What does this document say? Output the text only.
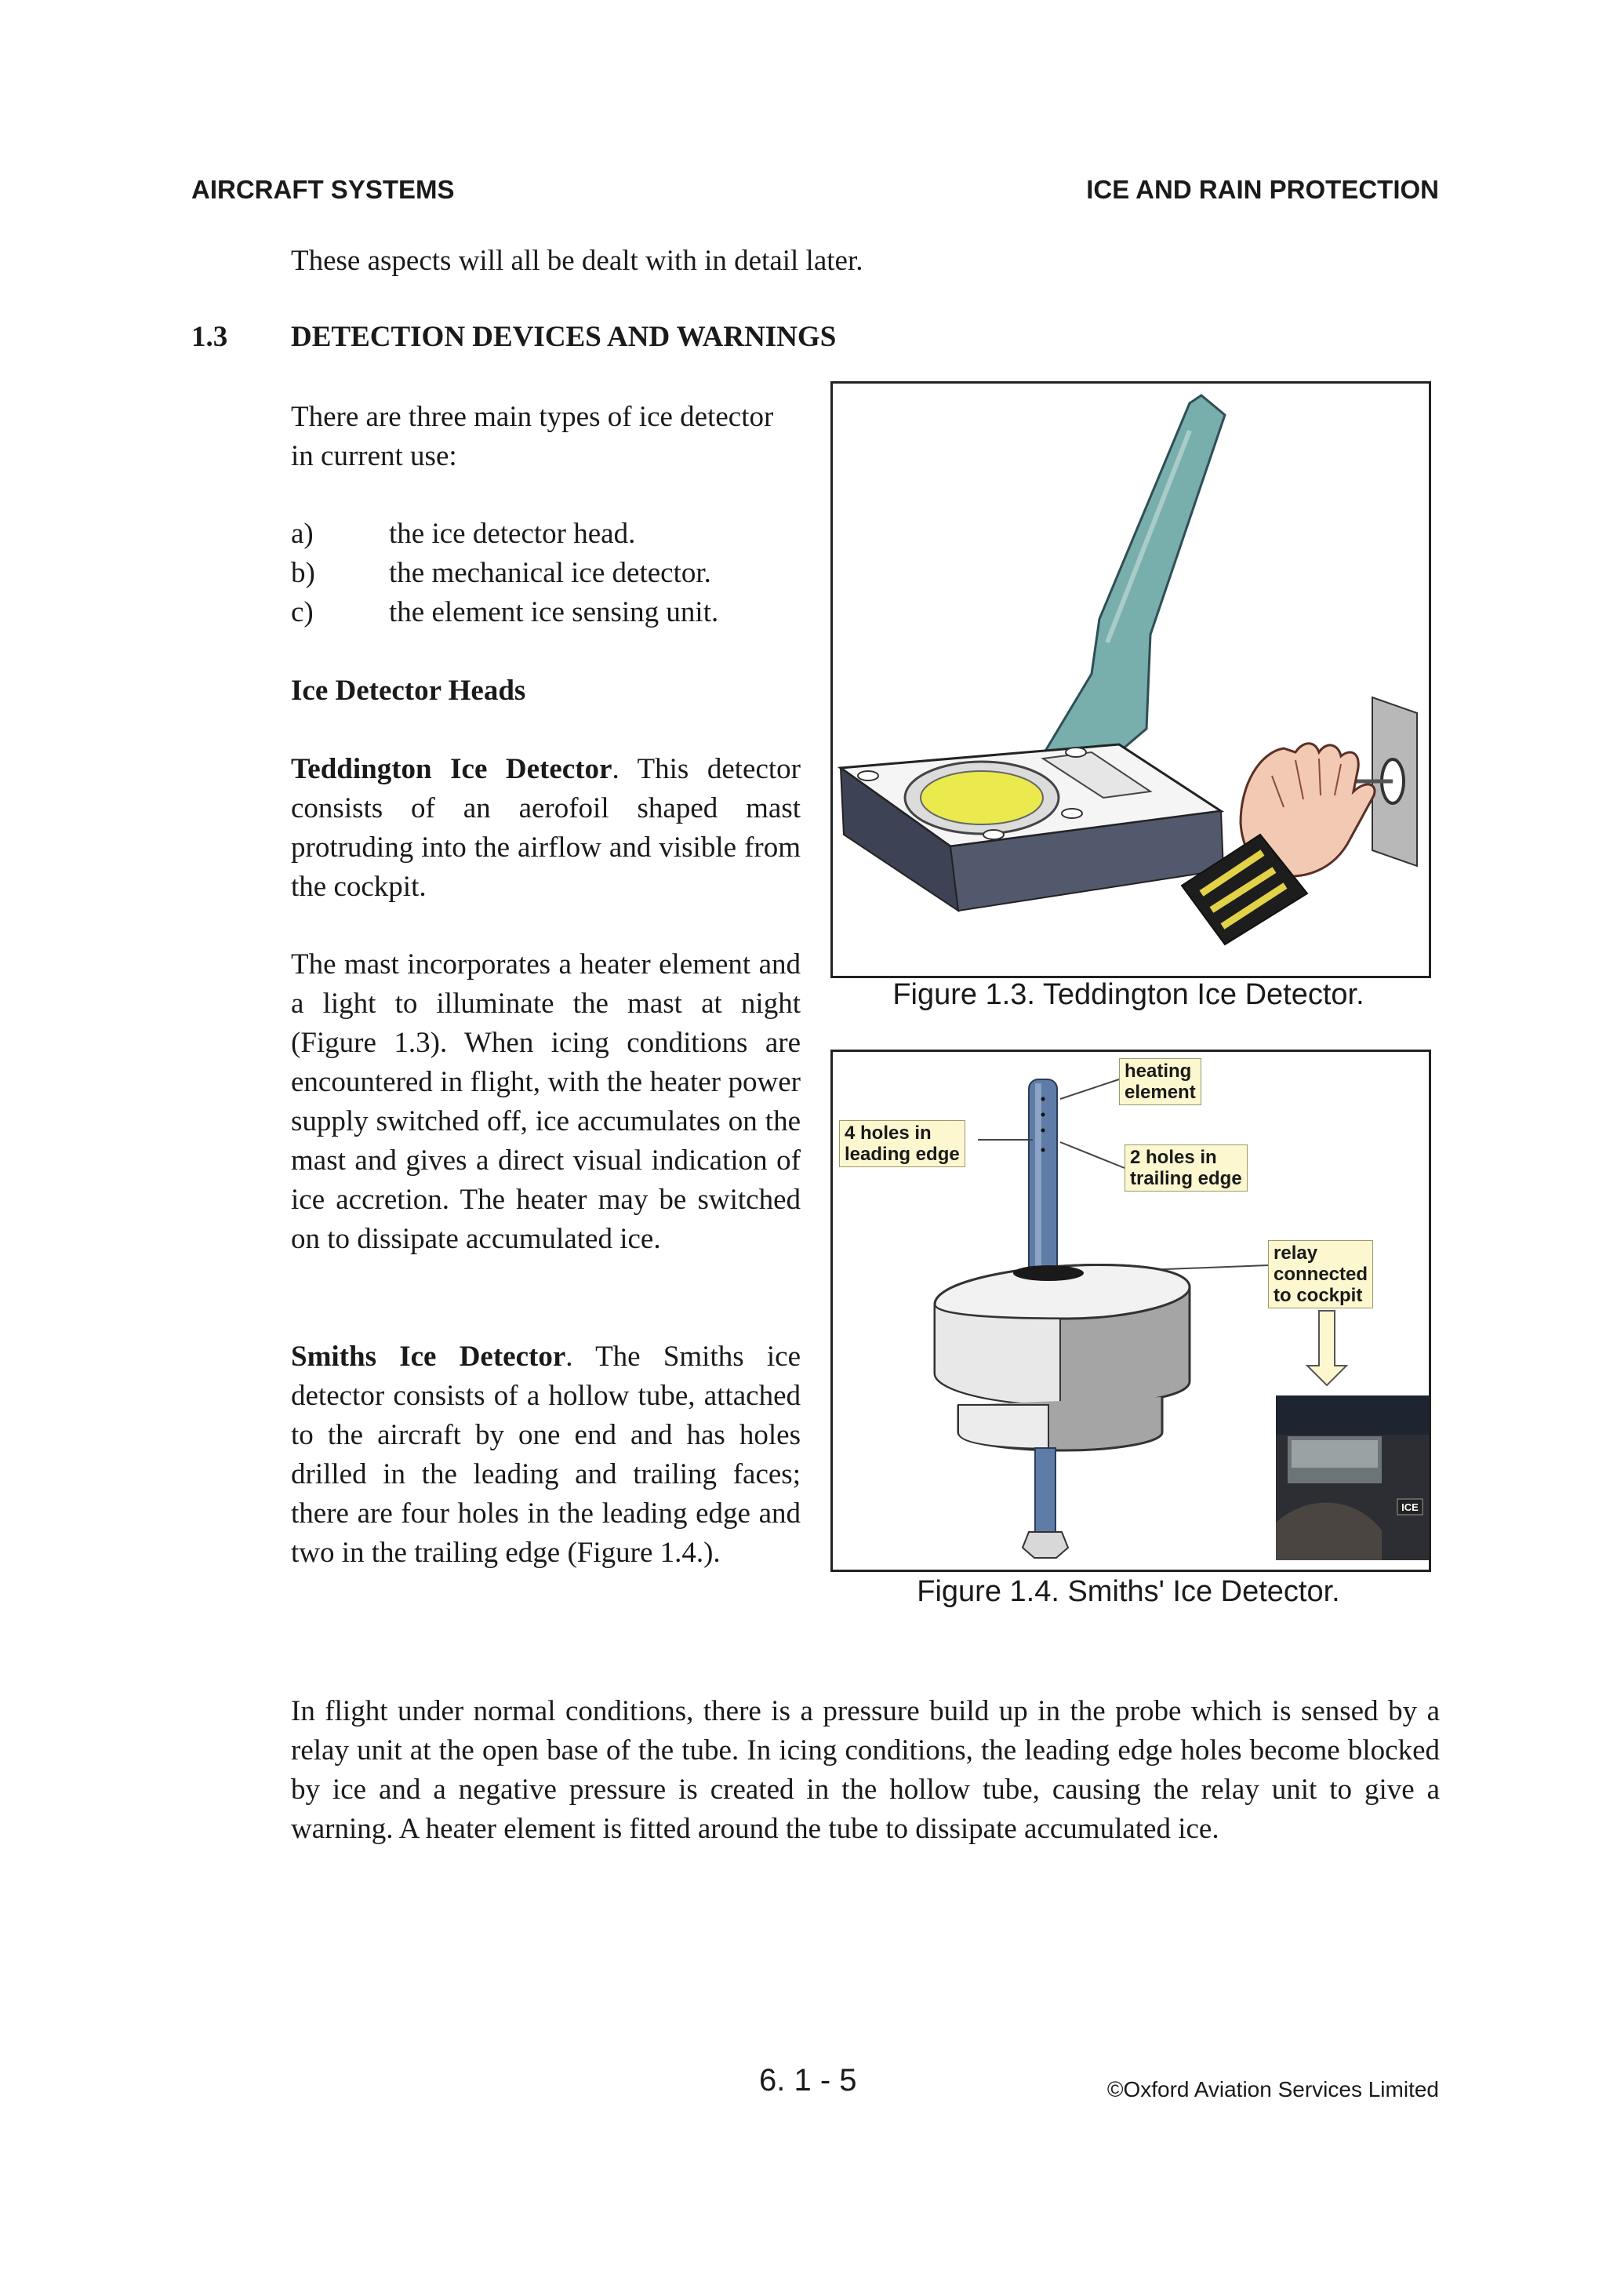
AIRCRAFT SYSTEMS	ICE AND RAIN PROTECTION
These aspects will all be dealt with in detail later.
1.3 DETECTION DEVICES AND WARNINGS
There are three main types of ice detector in current use:
a)	the ice detector head.
b)	the mechanical ice detector.
c)	the element ice sensing unit.
Ice Detector Heads
Teddington Ice Detector. This detector consists of an aerofoil shaped mast protruding into the airflow and visible from the cockpit.
The mast incorporates a heater element and a light to illuminate the mast at night (Figure 1.3). When icing conditions are encountered in flight, with the heater power supply switched off, ice accumulates on the mast and gives a direct visual indication of ice accretion. The heater may be switched on to dissipate accumulated ice.
Smiths Ice Detector. The Smiths ice detector consists of a hollow tube, attached to the aircraft by one end and has holes drilled in the leading and trailing faces; there are four holes in the leading edge and two in the trailing edge (Figure 1.4.).
Figure 1.3. Teddington Ice Detector.
ICE
4 holes in
leading edge
heating
element
2 holes in
trailing edge
relay
connected
to cockpit
Figure 1.4. Smiths' Ice Detector.
In flight under normal conditions, there is a pressure build up in the probe which is sensed by a relay unit at the open base of the tube. In icing conditions, the leading edge holes become blocked by ice and a negative pressure is created in the hollow tube, causing the relay unit to give a warning. A heater element is fitted around the tube to dissipate accumulated ice.
6. 1 - 5	©Oxford Aviation Services Limited
